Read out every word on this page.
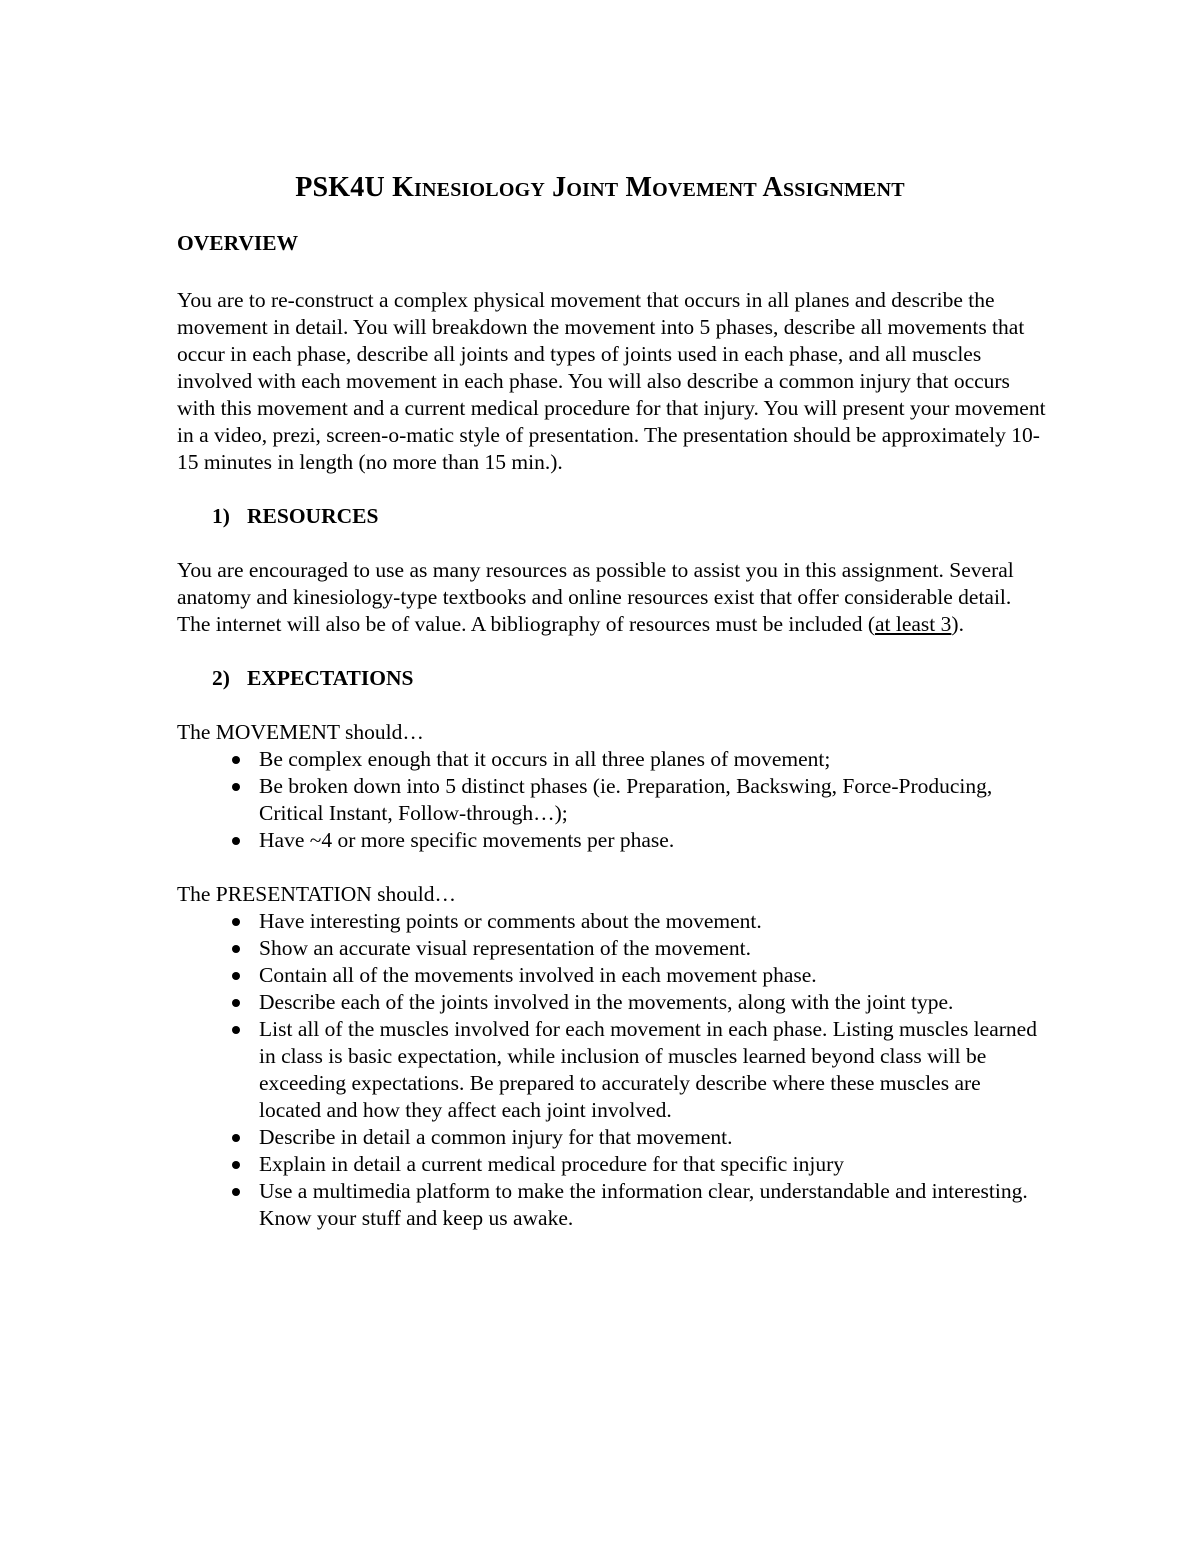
PSK4U Kinesiology Joint Movement Assignment

OVERVIEW

You are to re-construct a complex physical movement that occurs in all planes and describe the movement in detail. You will breakdown the movement into 5 phases, describe all movements that occur in each phase, describe all joints and types of joints used in each phase, and all muscles involved with each movement in each phase. You will also describe a common injury that occurs with this movement and a current medical procedure for that injury. You will present your movement in a video, prezi, screen-o-matic style of presentation. The presentation should be approximately 10-15 minutes in length (no more than 15 min.).

1) RESOURCES

You are encouraged to use as many resources as possible to assist you in this assignment. Several anatomy and kinesiology-type textbooks and online resources exist that offer considerable detail. The internet will also be of value. A bibliography of resources must be included (at least 3).

2) EXPECTATIONS

The MOVEMENT should…

Be complex enough that it occurs in all three planes of movement;
Be broken down into 5 distinct phases (ie. Preparation, Backswing, Force-Producing, Critical Instant, Follow-through…);
Have ~4 or more specific movements per phase.

The PRESENTATION should…

Have interesting points or comments about the movement.
Show an accurate visual representation of the movement.
Contain all of the movements involved in each movement phase.
Describe each of the joints involved in the movements, along with the joint type.
List all of the muscles involved for each movement in each phase. Listing muscles learned in class is basic expectation, while inclusion of muscles learned beyond class will be exceeding expectations. Be prepared to accurately describe where these muscles are located and how they affect each joint involved.
Describe in detail a common injury for that movement.
Explain in detail a current medical procedure for that specific injury
Use a multimedia platform to make the information clear, understandable and interesting. Know your stuff and keep us awake.
